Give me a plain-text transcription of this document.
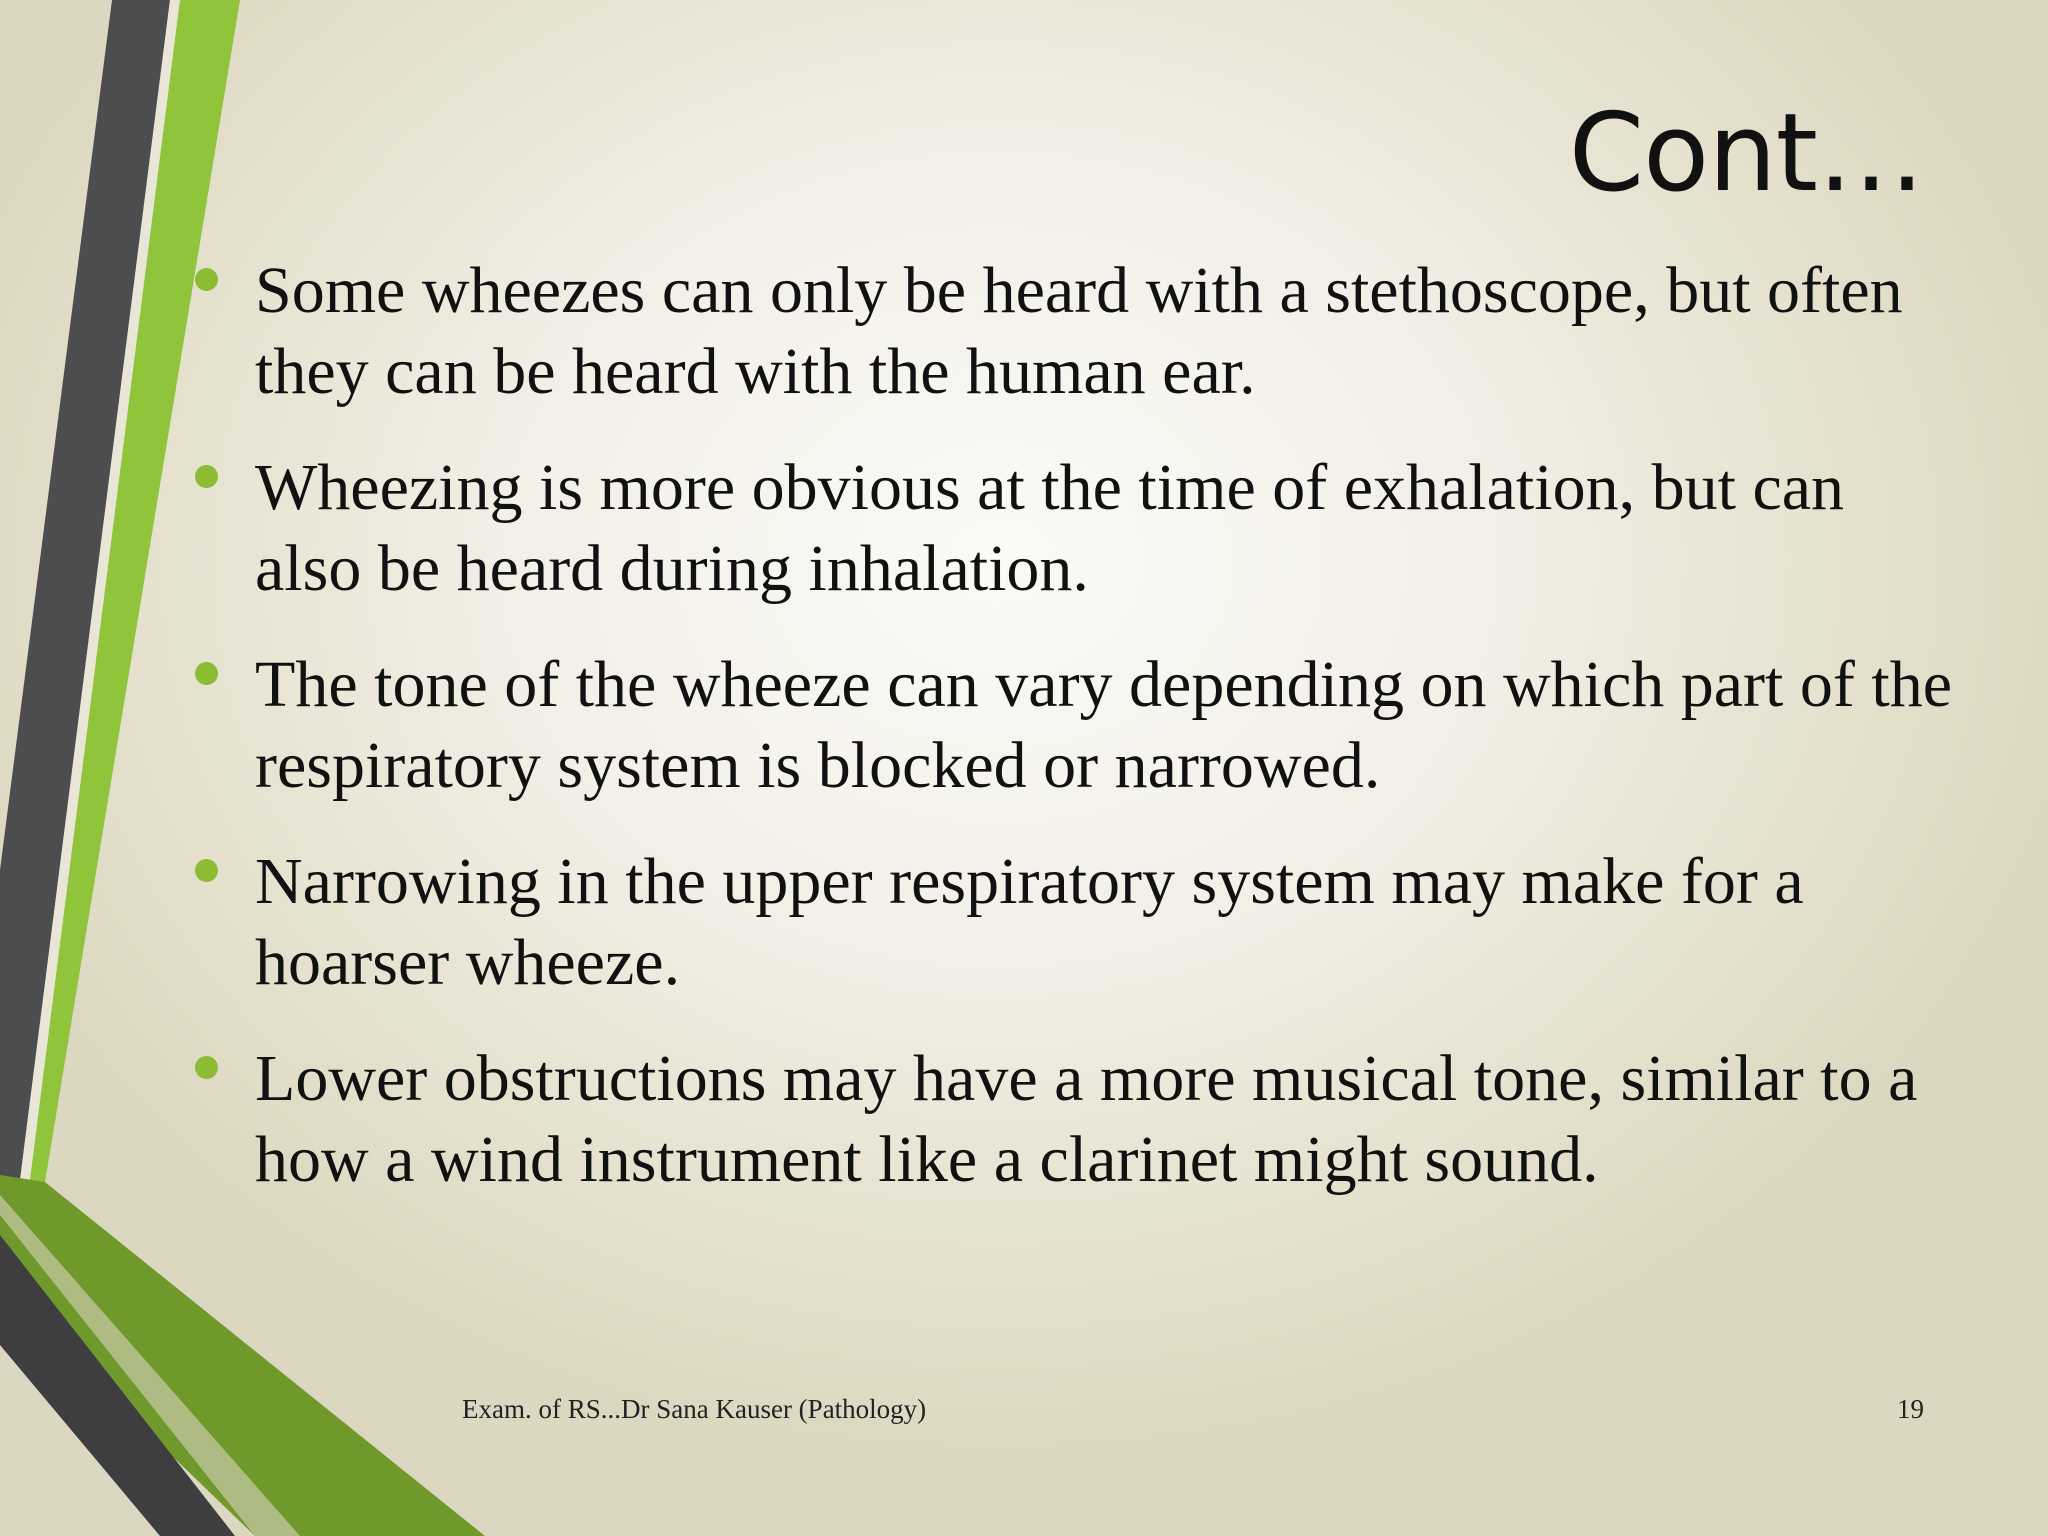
Cont…
Some wheezes can only be heard with a stethoscope, but often they can be heard with the human ear.
Wheezing is more obvious at the time of exhalation, but can also be heard during inhalation.
The tone of the wheeze can vary depending on which part of the respiratory system is blocked or narrowed.
Narrowing in the upper respiratory system may make for a hoarser wheeze.
Lower obstructions may have a more musical tone, similar to a how a wind instrument like a clarinet might sound.
Exam. of RS...Dr Sana Kauser (Pathology)	19
